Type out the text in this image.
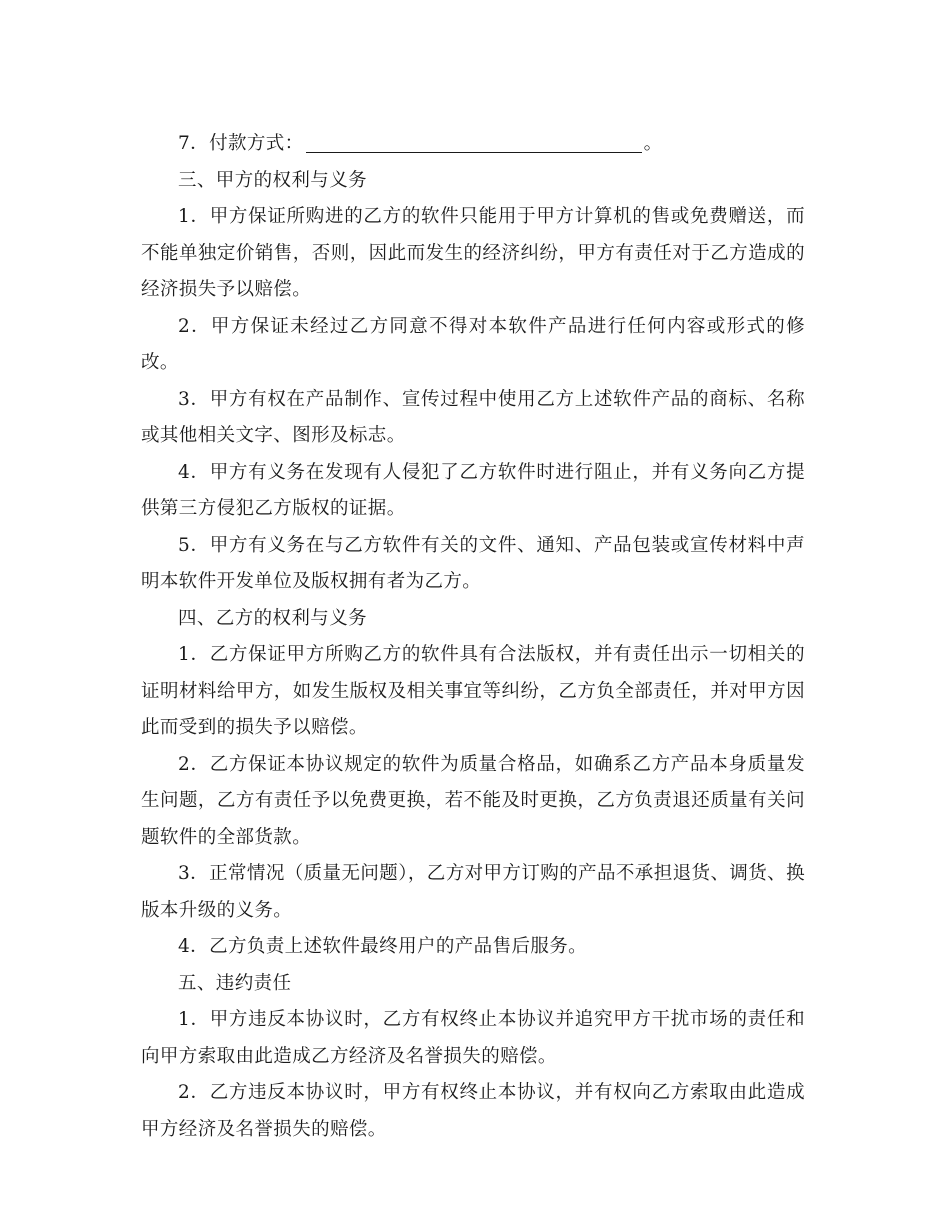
7．付款方式：	。

三、甲方的权利与义务

1．甲方保证所购进的乙方的软件只能用于甲方计算机的售或免费赠送，而不能单独定价销售，否则，因此而发生的经济纠纷，甲方有责任对于乙方造成的经济损失予以赔偿。

2．甲方保证未经过乙方同意不得对本软件产品进行任何内容或形式的修改。

3．甲方有权在产品制作、宣传过程中使用乙方上述软件产品的商标、名称或其他相关文字、图形及标志。

4．甲方有义务在发现有人侵犯了乙方软件时进行阻止，并有义务向乙方提供第三方侵犯乙方版权的证据。

5．甲方有义务在与乙方软件有关的文件、通知、产品包装或宣传材料中声明本软件开发单位及版权拥有者为乙方。

四、乙方的权利与义务

1．乙方保证甲方所购乙方的软件具有合法版权，并有责任出示一切相关的证明材料给甲方，如发生版权及相关事宜等纠纷，乙方负全部责任，并对甲方因此而受到的损失予以赔偿。

2．乙方保证本协议规定的软件为质量合格品，如确系乙方产品本身质量发生问题，乙方有责任予以免费更换，若不能及时更换，乙方负责退还质量有关问题软件的全部货款。

3．正常情况（质量无问题），乙方对甲方订购的产品不承担退货、调货、换版本升级的义务。

4．乙方负责上述软件最终用户的产品售后服务。

五、违约责任

1．甲方违反本协议时，乙方有权终止本协议并追究甲方干扰市场的责任和向甲方索取由此造成乙方经济及名誉损失的赔偿。

2．乙方违反本协议时，甲方有权终止本协议，并有权向乙方索取由此造成甲方经济及名誉损失的赔偿。
